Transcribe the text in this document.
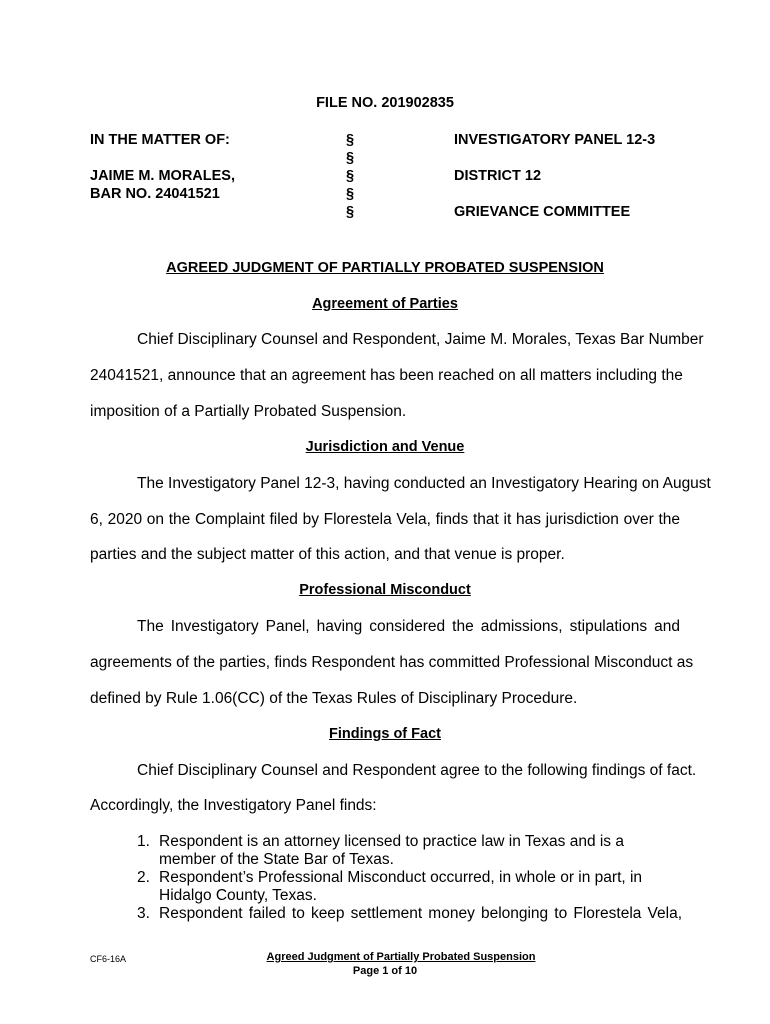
FILE NO. 201902835
IN THE MATTER OF:
JAIME M. MORALES,
BAR NO. 24041521
§
§
§
§
§
INVESTIGATORY PANEL 12-3
DISTRICT 12
GRIEVANCE COMMITTEE
AGREED JUDGMENT OF PARTIALLY PROBATED SUSPENSION
Agreement of Parties
Chief Disciplinary Counsel and Respondent, Jaime M. Morales, Texas Bar Number
24041521, announce that an agreement has been reached on all matters including the
imposition of a Partially Probated Suspension.
Jurisdiction and Venue
The Investigatory Panel 12-3, having conducted an Investigatory Hearing on August
6, 2020 on the Complaint filed by Florestela Vela, finds that it has jurisdiction over the
parties and the subject matter of this action, and that venue is proper.
Professional Misconduct
The Investigatory Panel, having considered the admissions, stipulations and
agreements of the parties, finds Respondent has committed Professional Misconduct as
defined by Rule 1.06(CC) of the Texas Rules of Disciplinary Procedure.
Findings of Fact
Chief Disciplinary Counsel and Respondent agree to the following findings of fact.
Accordingly, the Investigatory Panel finds:
1. Respondent is an attorney licensed to practice law in Texas and is a member of the State Bar of Texas.
2. Respondent’s Professional Misconduct occurred, in whole or in part, in Hidalgo County, Texas.
3. Respondent failed to keep settlement money belonging to Florestela Vela,
CF6-16A	Agreed Judgment of Partially Probated Suspension
Page 1 of 10
